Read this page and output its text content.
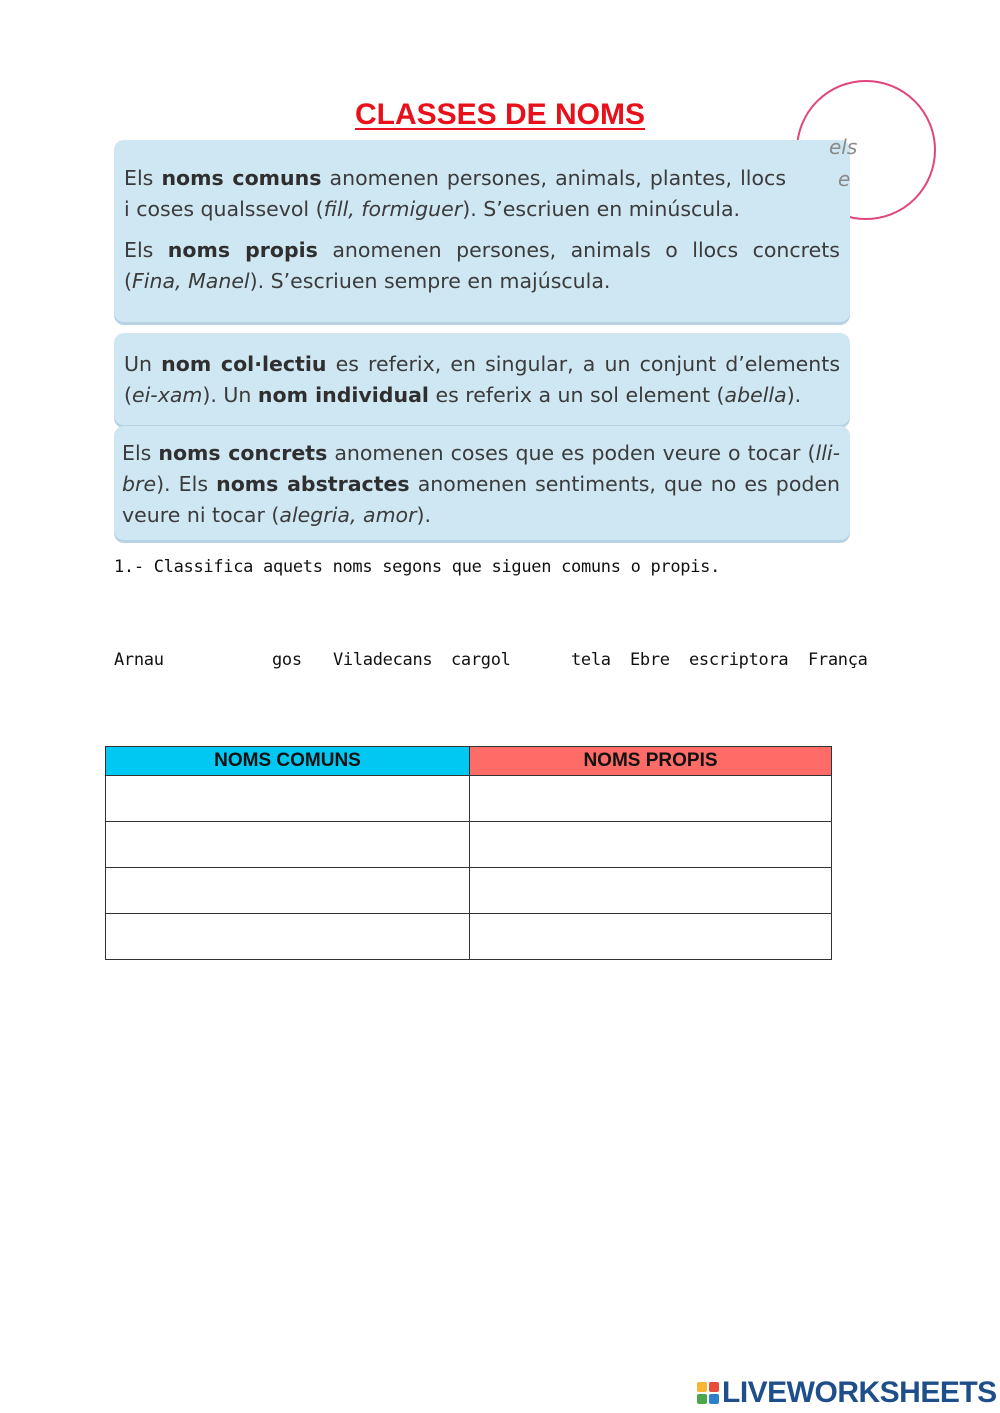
CLASSES DE NOMS

Els noms comuns anomenen persones, animals, plantes, llocs i coses qualssevol (fill, formiguer). S’escriuen en minúscula.

Els noms propis anomenen persones, animals o llocs concrets (Fina, Manel). S’escriuen sempre en majúscula.

els
e

Un nom col·lectiu es referix, en singular, a un conjunt d’elements (ei-xam). Un nom individual es referix a un sol element (abella).

Els noms concrets anomenen coses que es poden veure o tocar (lli-bre). Els noms abstractes anomenen sentiments, que no es poden veure ni tocar (alegria, amor).

1.- Classifica aquets noms segons que siguen comuns o propis.

Arnau	gos Viladecans cargol	tela Ebre escriptora França
NOMS COMUNS	NOMS PROPIS

LIVEWORKSHEETS
